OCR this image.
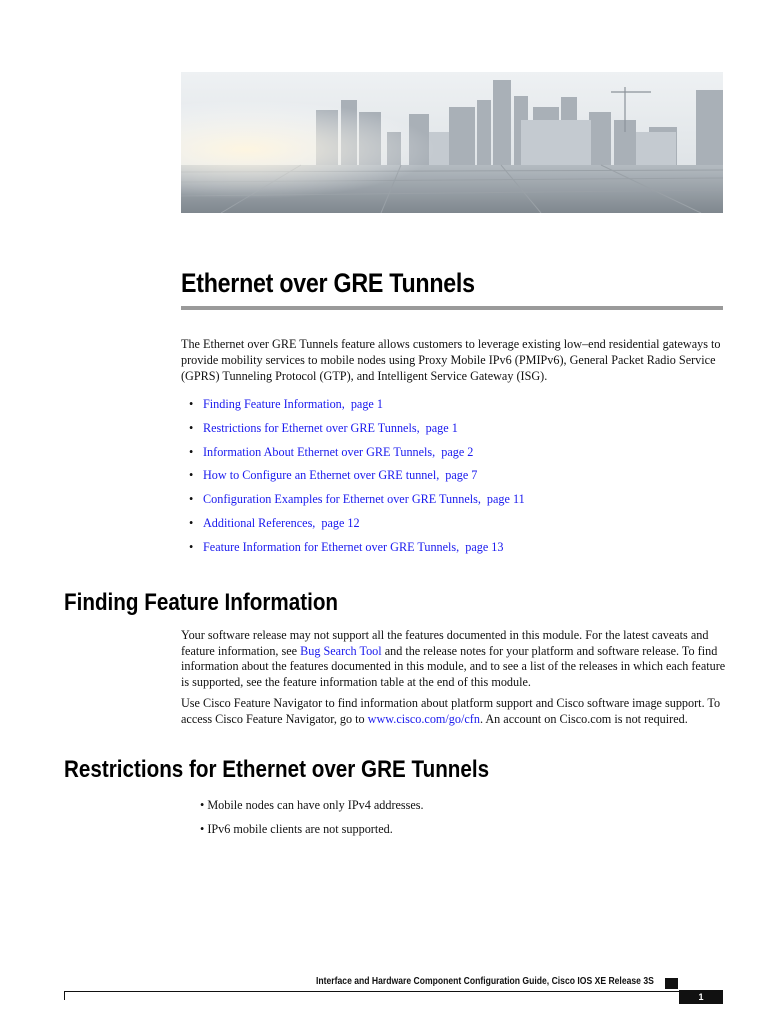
Ethernet over GRE Tunnels
The Ethernet over GRE Tunnels feature allows customers to leverage existing low–end residential gateways to provide mobility services to mobile nodes using Proxy Mobile IPv6 (PMIPv6), General Packet Radio Service (GPRS) Tunneling Protocol (GTP), and Intelligent Service Gateway (ISG).
• Finding Feature Information, page 1
• Restrictions for Ethernet over GRE Tunnels, page 1
• Information About Ethernet over GRE Tunnels, page 2
• How to Configure an Ethernet over GRE tunnel, page 7
• Configuration Examples for Ethernet over GRE Tunnels, page 11
• Additional References, page 12
• Feature Information for Ethernet over GRE Tunnels, page 13
Finding Feature Information
Your software release may not support all the features documented in this module. For the latest caveats and feature information, see Bug Search Tool and the release notes for your platform and software release. To find information about the features documented in this module, and to see a list of the releases in which each feature is supported, see the feature information table at the end of this module.
Use Cisco Feature Navigator to find information about platform support and Cisco software image support. To access Cisco Feature Navigator, go to www.cisco.com/go/cfn. An account on Cisco.com is not required.
Restrictions for Ethernet over GRE Tunnels
• Mobile nodes can have only IPv4 addresses.
• IPv6 mobile clients are not supported.
Interface and Hardware Component Configuration Guide, Cisco IOS XE Release 3S
1
